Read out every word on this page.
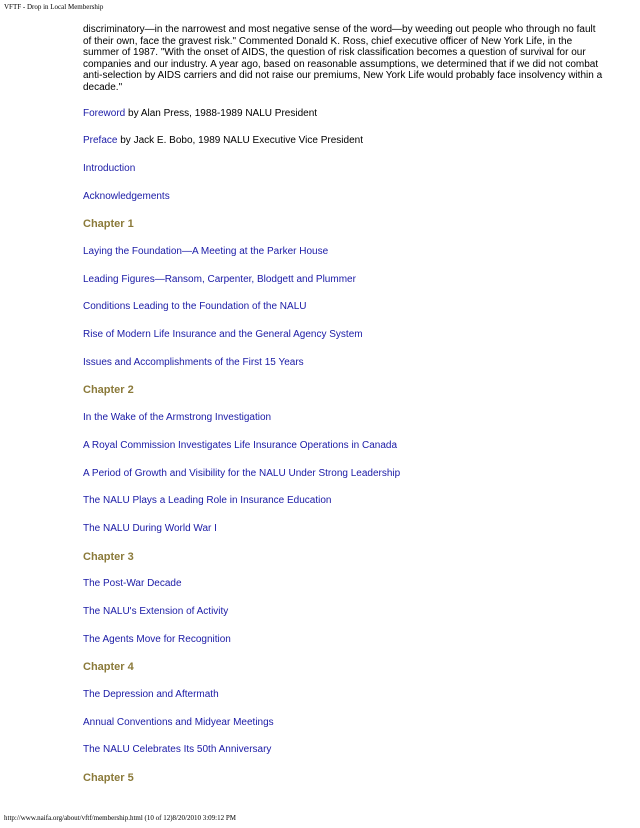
VFTF - Drop in Local Membership

discriminatory—in the narrowest and most negative sense of the word—by weeding out people who through no fault of their own, face the gravest risk." Commented Donald K. Ross, chief executive officer of New York Life, in the summer of 1987. "With the onset of AIDS, the question of risk classification becomes a question of survival for our companies and our industry. A year ago, based on reasonable assumptions, we determined that if we did not combat anti-selection by AIDS carriers and did not raise our premiums, New York Life would probably face insolvency within a decade."

Foreword by Alan Press, 1988-1989 NALU President
Preface by Jack E. Bobo, 1989 NALU Executive Vice President
Introduction
Acknowledgements
Chapter 1
Laying the Foundation—A Meeting at the Parker House
Leading Figures—Ransom, Carpenter, Blodgett and Plummer
Conditions Leading to the Foundation of the NALU
Rise of Modern Life Insurance and the General Agency System
Issues and Accomplishments of the First 15 Years
Chapter 2
In the Wake of the Armstrong Investigation
A Royal Commission Investigates Life Insurance Operations in Canada
A Period of Growth and Visibility for the NALU Under Strong Leadership
The NALU Plays a Leading Role in Insurance Education
The NALU During World War I
Chapter 3
The Post-War Decade
The NALU's Extension of Activity
The Agents Move for Recognition
Chapter 4
The Depression and Aftermath
Annual Conventions and Midyear Meetings
The NALU Celebrates Its 50th Anniversary
Chapter 5
http://www.naifa.org/about/vftf/membership.html (10 of 12)8/20/2010 3:09:12 PM
